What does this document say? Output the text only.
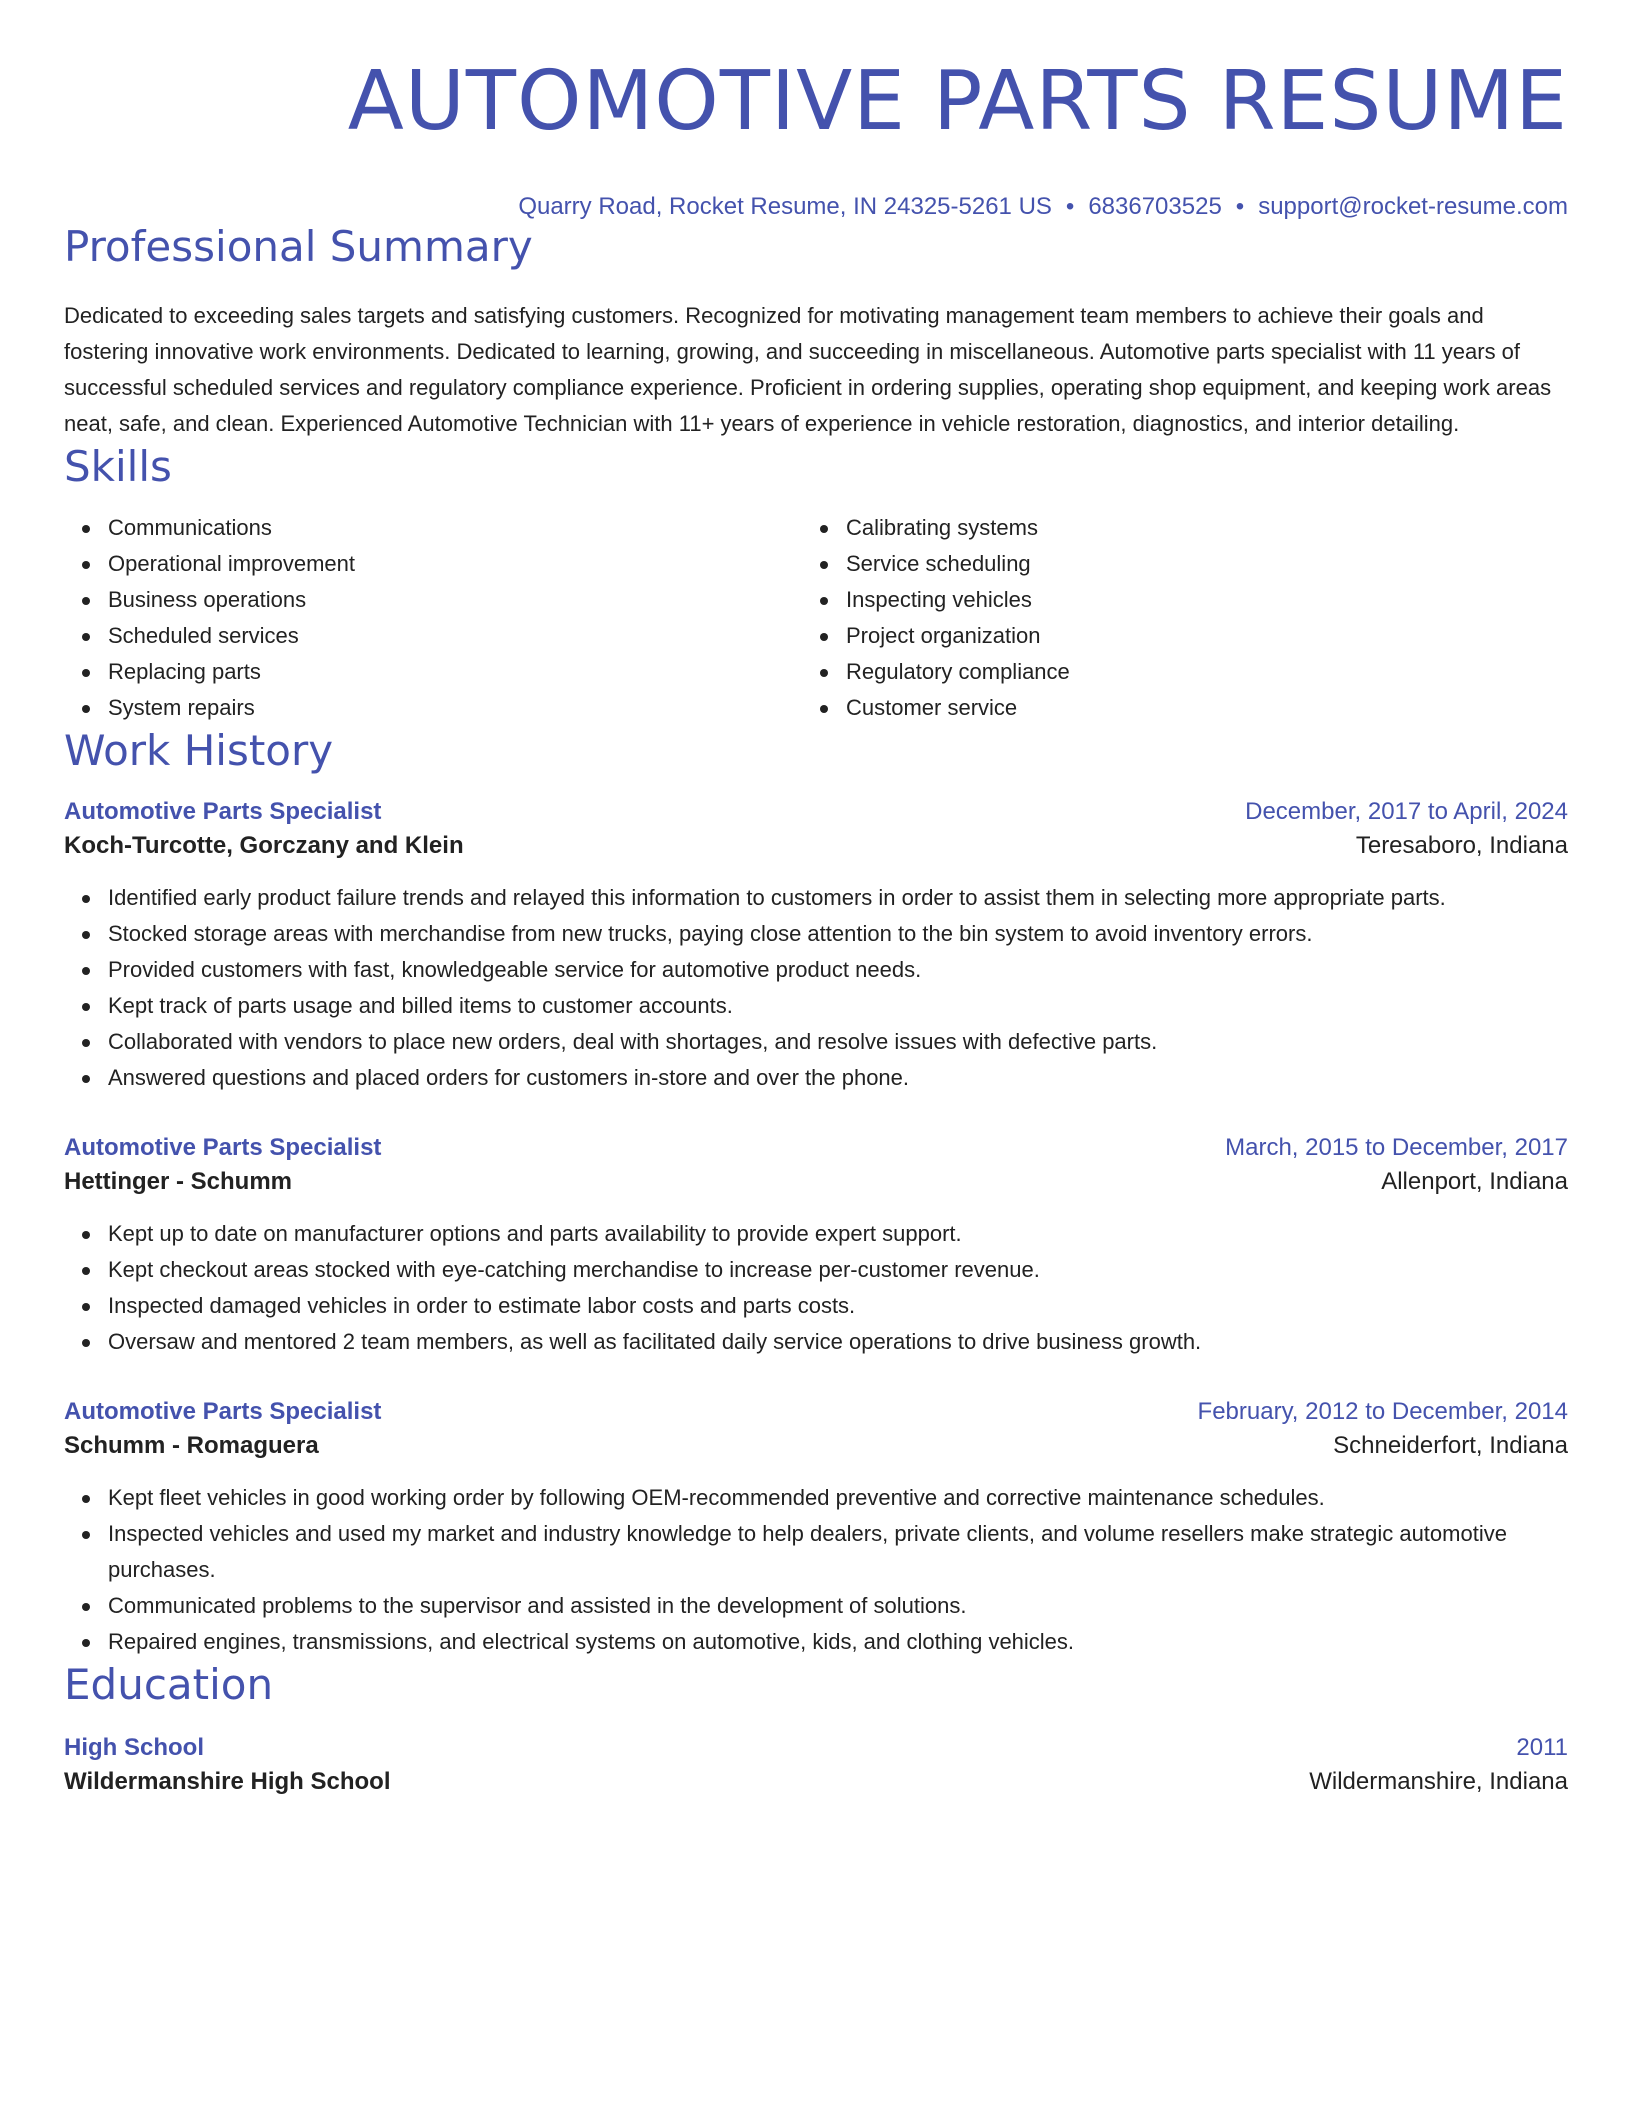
AUTOMOTIVE PARTS RESUME
Quarry Road, Rocket Resume, IN 24325-5261 US • 6836703525 • support@rocket-resume.com
Professional Summary

Dedicated to exceeding sales targets and satisfying customers. Recognized for motivating management team members to achieve their goals and fostering innovative work environments. Dedicated to learning, growing, and succeeding in miscellaneous. Automotive parts specialist with 11 years of successful scheduled services and regulatory compliance experience. Proficient in ordering supplies, operating shop equipment, and keeping work areas neat, safe, and clean. Experienced Automotive Technician with 11+ years of experience in vehicle restoration, diagnostics, and interior detailing.

Skills
Communications
Operational improvement
Business operations
Scheduled services
Replacing parts
System repairs
Calibrating systems
Service scheduling
Inspecting vehicles
Project organization
Regulatory compliance
Customer service
Work History
Automotive Parts Specialist	December, 2017 to April, 2024
Koch-Turcotte, Gorczany and Klein	Teresaboro, Indiana
Identified early product failure trends and relayed this information to customers in order to assist them in selecting more appropriate parts.
Stocked storage areas with merchandise from new trucks, paying close attention to the bin system to avoid inventory errors.
Provided customers with fast, knowledgeable service for automotive product needs.
Kept track of parts usage and billed items to customer accounts.
Collaborated with vendors to place new orders, deal with shortages, and resolve issues with defective parts.
Answered questions and placed orders for customers in-store and over the phone.
Automotive Parts Specialist	March, 2015 to December, 2017
Hettinger - Schumm	Allenport, Indiana
Kept up to date on manufacturer options and parts availability to provide expert support.
Kept checkout areas stocked with eye-catching merchandise to increase per-customer revenue.
Inspected damaged vehicles in order to estimate labor costs and parts costs.
Oversaw and mentored 2 team members, as well as facilitated daily service operations to drive business growth.
Automotive Parts Specialist	February, 2012 to December, 2014
Schumm - Romaguera	Schneiderfort, Indiana
Kept fleet vehicles in good working order by following OEM-recommended preventive and corrective maintenance schedules.
Inspected vehicles and used my market and industry knowledge to help dealers, private clients, and volume resellers make strategic automotive purchases.
Communicated problems to the supervisor and assisted in the development of solutions.
Repaired engines, transmissions, and electrical systems on automotive, kids, and clothing vehicles.
Education
High School	2011
Wildermanshire High School	Wildermanshire, Indiana
